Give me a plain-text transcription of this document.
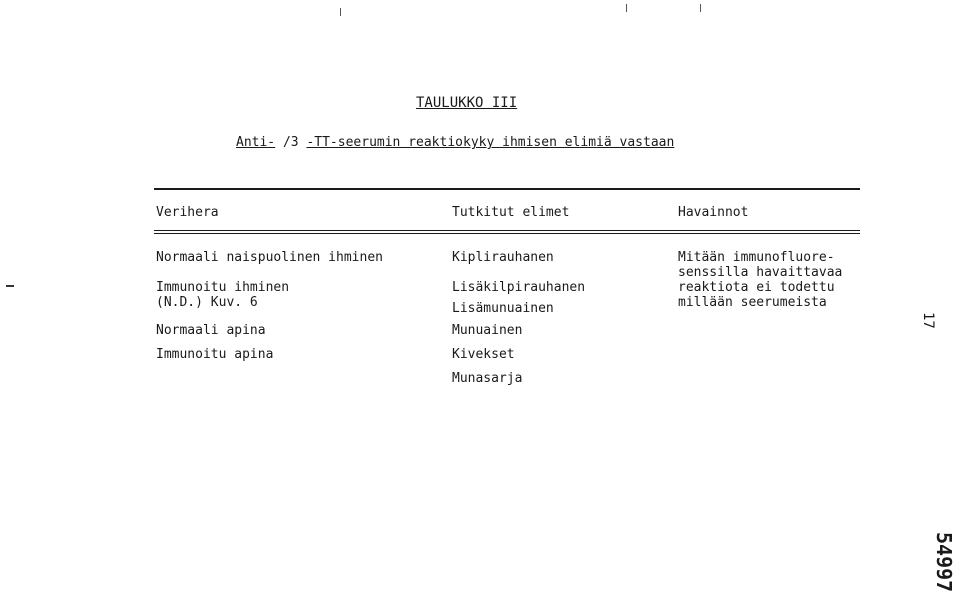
TAULUKKO III
Anti- /3 -TT-seerumin reaktiokyky ihmisen elimiä vastaan
Verihera	Tutkitut elimet	Havainnot
Normaali naispuolinen ihminen
Immunoitu ihminen
(N.D.) Kuv. 6
Normaali apina
Immunoitu apina
Kiplirauhanen
Lisäkilpirauhanen
Lisämunuainen
Munuainen
Kivekset
Munasarja
Mitään immunofluore-
senssilla havaittavaa
reaktiota ei todettu
millään seerumeista
17
54997
